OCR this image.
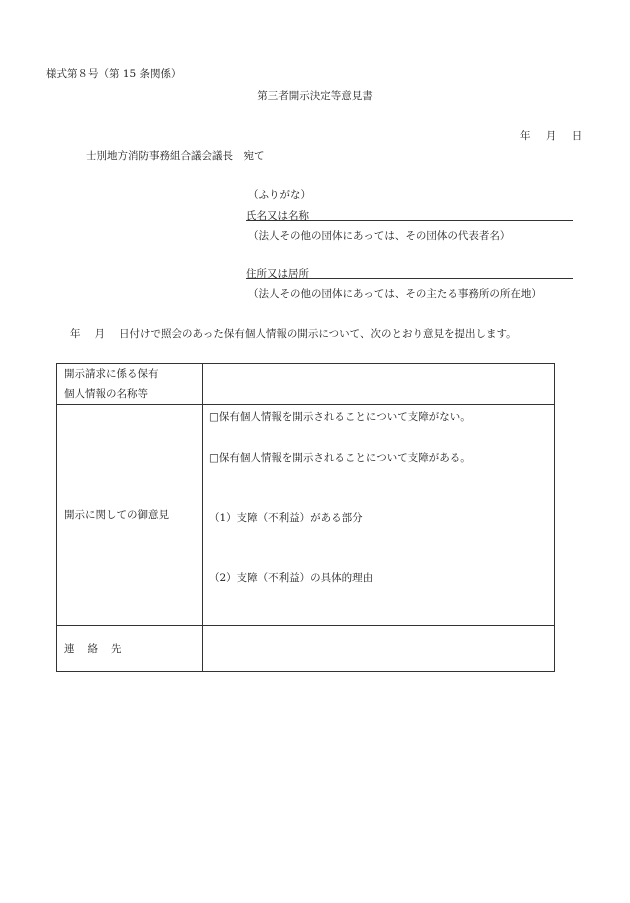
様式第８号（第 15 条関係）
第三者開示決定等意見書
年 月 日
士別地方消防事務組合議会議長　宛て
（ふりがな）
氏名又は名称
（法人その他の団体にあっては、その団体の代表者名）
住所又は居所
（法人その他の団体にあっては、その主たる事務所の所在地）
年 月 日付けで照会のあった保有個人情報の開示について、次のとおり意見を提出します。
開示請求に係る保有
個人情報の名称等	

開示に関しての御意見	□保有個人情報を開示されることについて支障がない。
□保有個人情報を開示されることについて支障がある。
（1）支障（不利益）がある部分
（2）支障（不利益）の具体的理由

連 絡 先	
